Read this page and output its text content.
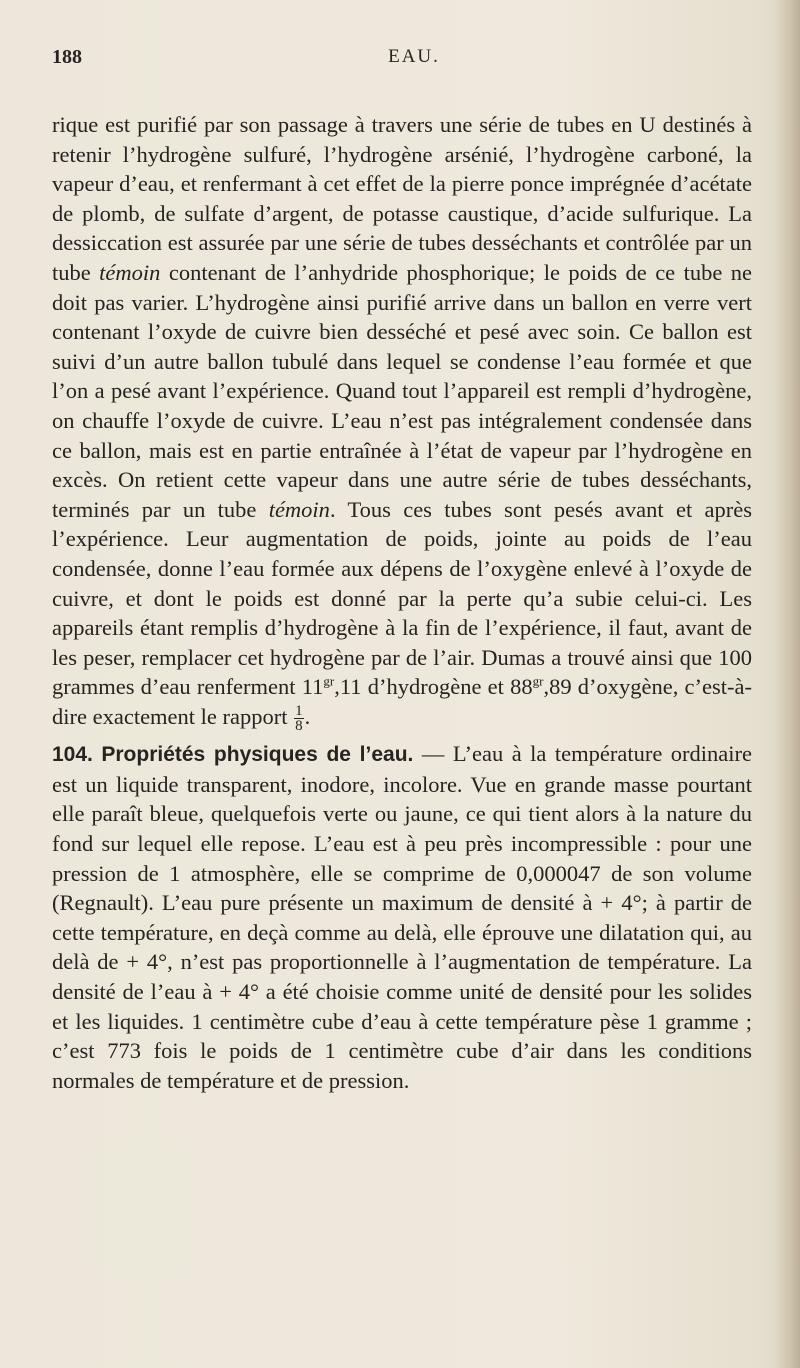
188	EAU.

rique est purifié par son passage à travers une série de tubes en U destinés à retenir l’hydrogène sulfuré, l’hydrogène arsénié, l’hydrogène carboné, la vapeur d’eau, et renfermant à cet effet de la pierre ponce imprégnée d’acétate de plomb, de sulfate d’argent, de potasse caustique, d’acide sulfurique. La dessiccation est assurée par une série de tubes desséchants et contrôlée par un tube témoin contenant de l’anhydride phosphorique; le poids de ce tube ne doit pas varier. L’hydrogène ainsi purifié arrive dans un ballon en verre vert contenant l’oxyde de cuivre bien desséché et pesé avec soin. Ce ballon est suivi d’un autre ballon tubulé dans lequel se condense l’eau formée et que l’on a pesé avant l’expérience. Quand tout l’appareil est rempli d’hydrogène, on chauffe l’oxyde de cuivre. L’eau n’est pas intégralement condensée dans ce ballon, mais est en partie entraînée à l’état de vapeur par l’hydrogène en excès. On retient cette vapeur dans une autre série de tubes desséchants, terminés par un tube témoin. Tous ces tubes sont pesés avant et après l’expérience. Leur augmentation de poids, jointe au poids de l’eau condensée, donne l’eau formée aux dépens de l’oxygène enlevé à l’oxyde de cuivre, et dont le poids est donné par la perte qu’a subie celui-ci. Les appareils étant remplis d’hydrogène à la fin de l’expérience, il faut, avant de les peser, remplacer cet hydrogène par de l’air. Dumas a trouvé ainsi que 100 grammes d’eau renferment $11^{gr},11$ d’hydrogène et $88^{gr},89$ d’oxygène, c’est-à-dire exactement le rapport $\frac{1}{8}$ .

104. Propriétés physiques de l’eau. — L’eau à la température ordinaire est un liquide transparent, inodore, incolore. Vue en grande masse pourtant elle paraît bleue, quelquefois verte ou jaune, ce qui tient alors à la nature du fond sur lequel elle repose. L’eau est à peu près incompressible : pour une pression de 1 atmosphère, elle se comprime de 0,000047 de son volume (Regnault). L’eau pure présente un maximum de densité à + 4°; à partir de cette température, en deçà comme au delà, elle éprouve une dilatation qui, au delà de + 4°, n’est pas proportionnelle à l’augmentation de température. La densité de l’eau à + 4° a été choisie comme unité de densité pour les solides et les liquides. 1 centimètre cube d’eau à cette température pèse 1 gramme ; c’est 773 fois le poids de 1 centimètre cube d’air dans les conditions normales de température et de pression.
